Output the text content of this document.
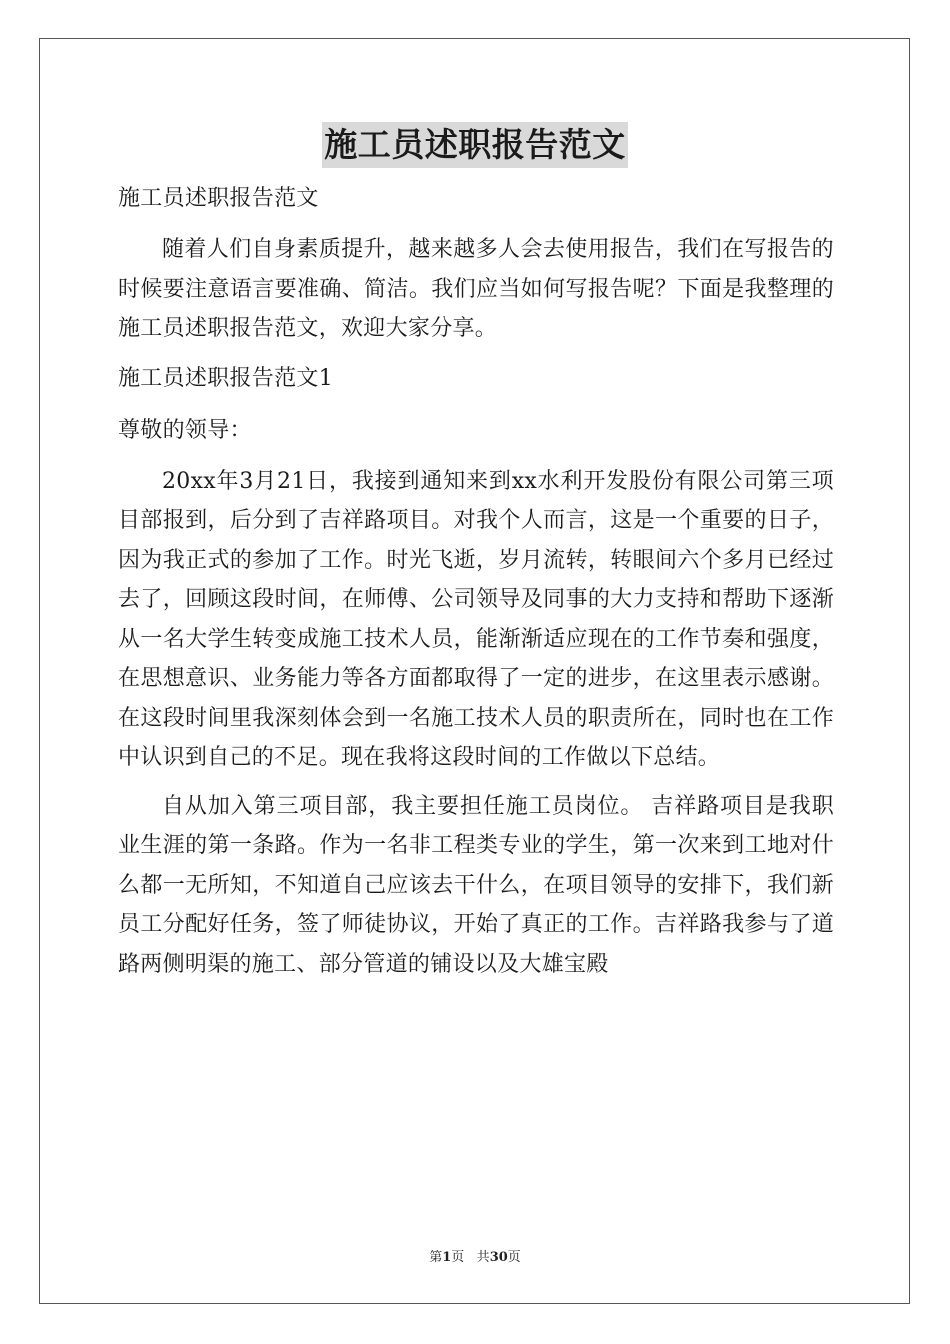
施工员述职报告范文

施工员述职报告范文

随着人们自身素质提升，越来越多人会去使用报告，我们在写报告的时候要注意语言要准确、简洁。我们应当如何写报告呢？下面是我整理的施工员述职报告范文，欢迎大家分享。

施工员述职报告范文1

尊敬的领导：

20xx年3月21日，我接到通知来到xx水利开发股份有限公司第三项目部报到，后分到了吉祥路项目。对我个人而言，这是一个重要的日子，因为我正式的参加了工作。时光飞逝，岁月流转，转眼间六个多月已经过去了，回顾这段时间，在师傅、公司领导及同事的大力支持和帮助下逐渐从一名大学生转变成施工技术人员，能渐渐适应现在的工作节奏和强度，在思想意识、业务能力等各方面都取得了一定的进步，在这里表示感谢。在这段时间里我深刻体会到一名施工技术人员的职责所在，同时也在工作中认识到自己的不足。现在我将这段时间的工作做以下总结。

自从加入第三项目部，我主要担任施工员岗位。 吉祥路项目是我职业生涯的第一条路。作为一名非工程类专业的学生，第一次来到工地对什么都一无所知，不知道自己应该去干什么，在项目领导的安排下，我们新员工分配好任务，签了师徒协议，开始了真正的工作。吉祥路我参与了道路两侧明渠的施工、部分管道的铺设以及大雄宝殿

第1页 共30页
